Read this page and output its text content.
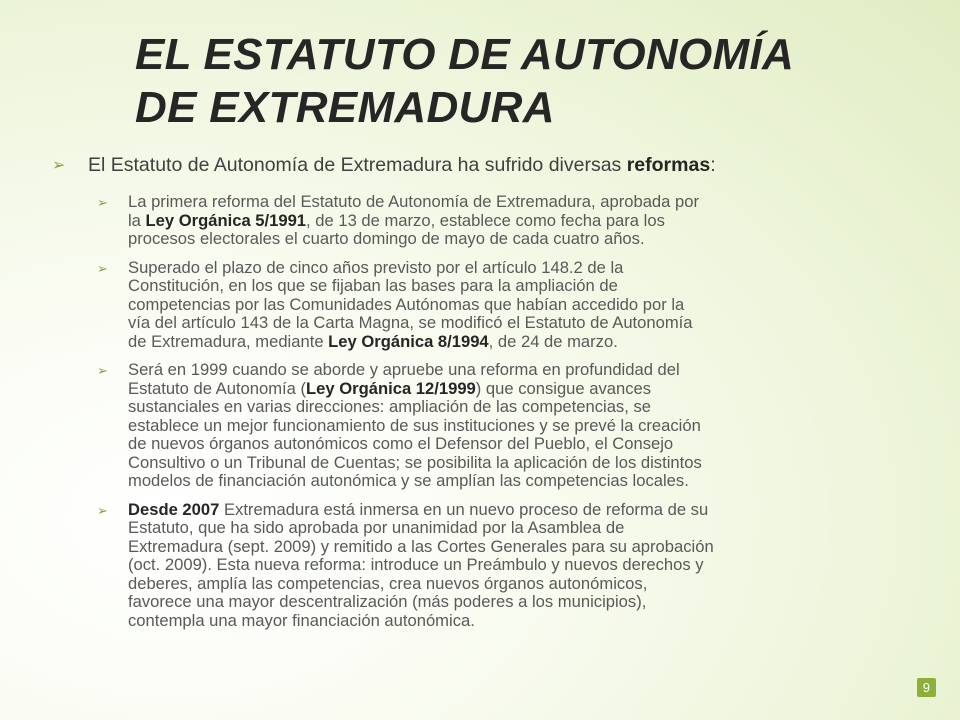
EL ESTATUTO DE AUTONOMÍA
DE EXTREMADURA
➢ El Estatuto de Autonomía de Extremadura ha sufrido diversas reformas:
➢ La primera reforma del Estatuto de Autonomía de Extremadura, aprobada por
la Ley Orgánica 5/1991, de 13 de marzo, establece como fecha para los
procesos electorales el cuarto domingo de mayo de cada cuatro años.
➢ Superado el plazo de cinco años previsto por el artículo 148.2 de la
Constitución, en los que se fijaban las bases para la ampliación de
competencias por las Comunidades Autónomas que habían accedido por la
vía del artículo 143 de la Carta Magna, se modificó el Estatuto de Autonomía
de Extremadura, mediante Ley Orgánica 8/1994, de 24 de marzo.
➢ Será en 1999 cuando se aborde y apruebe una reforma en profundidad del
Estatuto de Autonomía (Ley Orgánica 12/1999) que consigue avances
sustanciales en varias direcciones: ampliación de las competencias, se
establece un mejor funcionamiento de sus instituciones y se prevé la creación
de nuevos órganos autonómicos como el Defensor del Pueblo, el Consejo
Consultivo o un Tribunal de Cuentas; se posibilita la aplicación de los distintos
modelos de financiación autonómica y se amplían las competencias locales.
➢ Desde 2007 Extremadura está inmersa en un nuevo proceso de reforma de su
Estatuto, que ha sido aprobada por unanimidad por la Asamblea de
Extremadura (sept. 2009) y remitido a las Cortes Generales para su aprobación
(oct. 2009). Esta nueva reforma: introduce un Preámbulo y nuevos derechos y
deberes, amplía las competencias, crea nuevos órganos autonómicos,
favorece una mayor descentralización (más poderes a los municipios),
contempla una mayor financiación autonómica.
9
